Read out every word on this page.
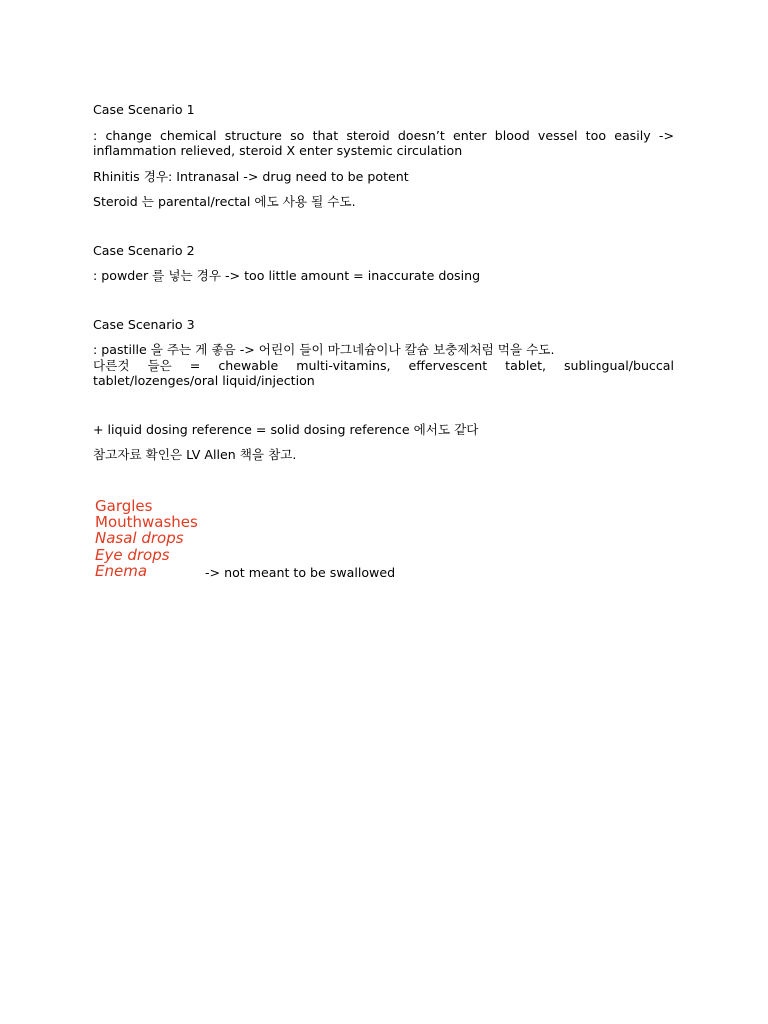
Case Scenario 1

: change chemical structure so that steroid doesn’t enter blood vessel too easily -> inflammation relieved, steroid X enter systemic circulation

Rhinitis 경우: Intranasal -> drug need to be potent

Steroid 는 parental/rectal 에도 사용 될 수도.

Case Scenario 2

: powder 를 넣는 경우 -> too little amount = inaccurate dosing

Case Scenario 3

: pastille 을 주는 게 좋음 -> 어린이 들이 마그네슘이나 칼슘 보충제처럼 먹을 수도.

다른것 들은 = chewable multi-vitamins, effervescent tablet, sublingual/buccal tablet/lozenges/oral liquid/injection

+ liquid dosing reference = solid dosing reference 에서도 같다

참고자료 확인은 LV Allen 책을 참고.

Gargles
Mouthwashes
Nasal drops
Eye drops
Enema	-> not meant to be swallowed
